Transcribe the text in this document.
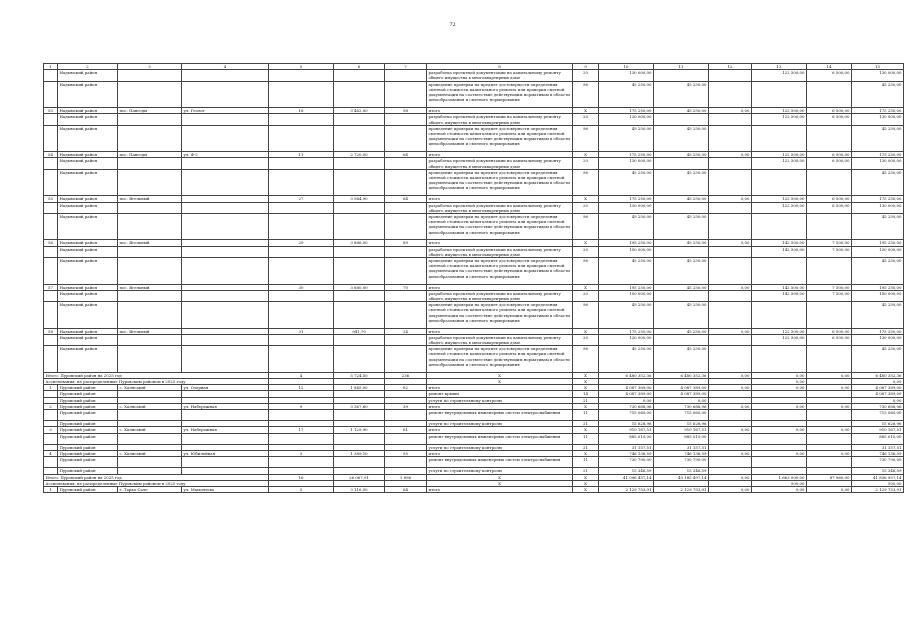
72
1	2	3	4	5	6	7	8	9	10	11	12	13	14	15
	Надымский район						разработка проектной документации на капитальному ремонту общего имущества в многоквартирных доме	20	130 000,00			122 500,00	6 500,00	130 000,00
	Надымский район						проведение проверки на предмет достоверности определения сметной стоимости капитального ремонта или проверки сметной документации на соответствие действующим нормативам в области ценообразования и сметного нормирования	96	45 250,00	45 250,00				45 250,00
53	Надымский район	пос. Пангоды	ул. Геолог	16	3 462,00	58	итого	X	175 250,00	45 250,00	0,00	122 500,00	6 500,00	175 250,00
	Надымский район						разработка проектной документации на капитальному ремонту общего имущества в многоквартирных доме	20	130 000,00			122 500,00	6 500,00	130 000,00
	Надымский район						проведение проверки на предмет достоверности определения сметной стоимости капитального ремонта или проверки сметной документации на соответствие действующим нормативам в области ценообразования и сметного нормирования	96	45 250,00	45 250,00				45 250,00
54	Надымский район	пос. Пангоды	ул. Ф-2	11	2 720,00	64	итого	X	175 250,00	45 250,00	0,00	122 500,00	6 500,00	175 250,00
	Надымский район						разработка проектной документации на капитальному ремонту общего имущества в многоквартирных доме	20	130 000,00			122 500,00	6 500,00	130 000,00
	Надымский район						проведение проверки на предмет достоверности определения сметной стоимости капитального ремонта или проверки сметной документации на соответствие действующим нормативам в области ценообразования и сметного нормирования	96	45 250,00	45 250,00				45 250,00
55	Надымский район	пос. Ягельный		27	3 944,90	64	итого	X	175 250,00	45 250,00	0,00	122 500,00	6 500,00	175 250,00
	Надымский район						разработка проектной документации на капитальному ремонту общего имущества в многоквартирных доме	20	130 000,00			122 500,00	6 500,00	130 000,00
	Надымский район						проведение проверки на предмет достоверности определения сметной стоимости капитального ремонта или проверки сметной документации на соответствие действующим нормативам в области ценообразования и сметного нормирования	96	45 250,00	45 250,00				45 250,00
56	Надымский район	пос. Ягельный		29	3 886,00	89	итого	X	195 250,00	45 250,00	0,00	142 500,00	7 500,00	195 250,00
	Надымский район						разработка проектной документации на капитальному ремонту общего имущества в многоквартирных доме	20	150 000,00			142 500,00	7 500,00	150 000,00
	Надымский район						проведение проверки на предмет достоверности определения сметной стоимости капитального ремонта или проверки сметной документации на соответствие действующим нормативам в области ценообразования и сметного нормирования	96	45 250,00	45 250,00				45 250,00
57	Надымский район	пос. Ягельный		30	3 880,00	70	итого	X	195 250,00	45 250,00	0,00	142 500,00	7 500,00	195 250,00
	Надымский район						разработка проектной документации на капитальному ремонту общего имущества в многоквартирных доме	20	150 000,00			142 500,00	7 500,00	150 000,00
	Надымский район						проведение проверки на предмет достоверности определения сметной стоимости капитального ремонта или проверки сметной документации на соответствие действующим нормативам в области ценообразования и сметного нормирования	96	45 250,00	45 250,00				45 250,00
58	Надымский район	пос. Ягельный		31	941,70	24	итого	X	175 250,00	45 250,00	0,00	122 500,00	6 500,00	175 250,00
	Надымский район						разработка проектной документации на капитальному ремонту общего имущества в многоквартирных доме	20	130 000,00			122 500,00	6 500,00	130 000,00
	Надымский район						проведение проверки на предмет достоверности определения сметной стоимости капитального ремонта или проверки сметной документации на соответствие действующим нормативам в области ценообразования и сметного нормирования	96	45 250,00	45 250,00				45 250,00
Итого: Пуровский район на 2025 год				4	5 724,50	236	X	X	6 480 352,36	6 480 352,36	0,00	0,00	0,00	6 480 352,36
Ассигнования, не распределенные Пуровским районом в 2025 году							X	X				0,00		0,00
1	Пуровский район	с. Халясавэй	ул. Озерная	12	1 845,00	62	итого	X	4 087 389,00	4 087 389,00	0,00	0,00	0,00	4 087 389,00
	Пуровский район						ремонт крыши	14	4 087 389,00	4 087 389,00				4 087 389,00
	Пуровский район						услуги по строительному контролю	21	0,00	0,00				0,00
2	Пуровский район	с. Халясавэй	ул. Набережная	9	3 367,60	39	итого	X	730 688,96	730 688,96	0,00	0,00	0,00	730 688,96
	Пуровский район						ремонт внутридомовых инженерных систем электроснабжения	11	715 060,00	715 060,00				715 060,00
	Пуровский район						услуги по строительному контролю	21	15 628,96	15 628,96				15 628,96
3	Пуровский район	с. Халясавэй	ул. Набережная	17	1 129,90	61	итого	X	910 167,51	910 167,51	0,00	0,00	0,00	910 167,51
	Пуровский район						ремонт внутридомовых инженерных систем электроснабжения	11	885 010,00	885 010,00				885 010,00
	Пуровский район						услуги по строительному контролю	21	31 157,51	31 157,51				31 157,51
4	Пуровский район	с. Халясавэй	ул. Юбилейная	3	1 389,10	55	итого	X	746 136,59	746 136,59	0,00	0,00	0,00	746 136,59
	Пуровский район						ремонт внутридомовых инженерных систем электроснабжения	11	730 790,00	730 790,00				730 790,00
	Пуровский район						услуги по строительному контролю	21	15 346,59	15 346,59				15 346,59
Итого: Пуровский район на 2025 год				16	26 067,91	1 896	X	X	41 096 457,14	40 185 497,14	0,00	1 663 000,00	87 960,00	41 836 957,14
Ассигнования, не распределенные Пуровским районом в 2025 году							X	X				500,00		500,00
1	Пуровский район	г. Тарко-Сале	ул. Мамонтова	5	3 116,50	64	итого	X	2 129 753,91	2 129 753,91	0,00	0,00	0,00	2 129 753,91
